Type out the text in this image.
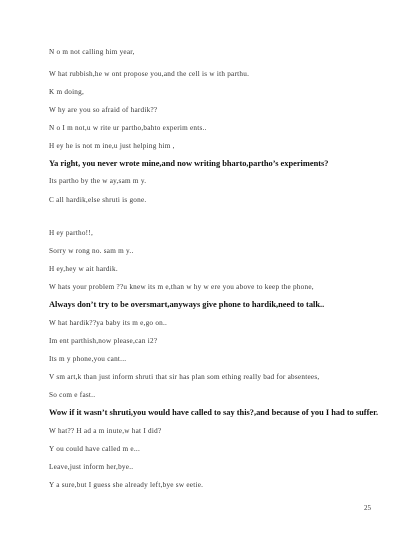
N o m not calling him year,
W hat rubbish,he w ont propose you,and the cell is w ith parthu.
K m doing,
W hy are you so afraid of hardik??
N o I m not,u w rite ur partho,bahto experim ents..
H ey he is not m ine,u just helping him ,
Ya right, you never wrote mine,and now writing bharto,partho’s experiments?
Its partho by the w ay,sam m y.
C all hardik,else shruti is gone.
H ey partho!!,
Sorry w rong no. sam m y..
H ey,hey w ait hardik.
W hats your problem ??u knew its m e,than w hy w ere you above to keep the phone,
Always don’t try to be oversmart,anyways give phone to hardik,need to talk..
W hat hardik??ya baby its m e,go on..
Im ent parthish,now please,can i2?
Its m y phone,you cant...
V sm art,k than just inform shruti that sir has plan som ething really bad for absentees,
So com e fast..
Wow if it wasn’t shruti,you would have called to say this?,and because of you I had to suffer.
W hat?? H ad a m inute,w hat I did?
Y ou could have called m e...
Leave,just inform her,bye..
Y a sure,but I guess she already left,bye sw eetie.
25
